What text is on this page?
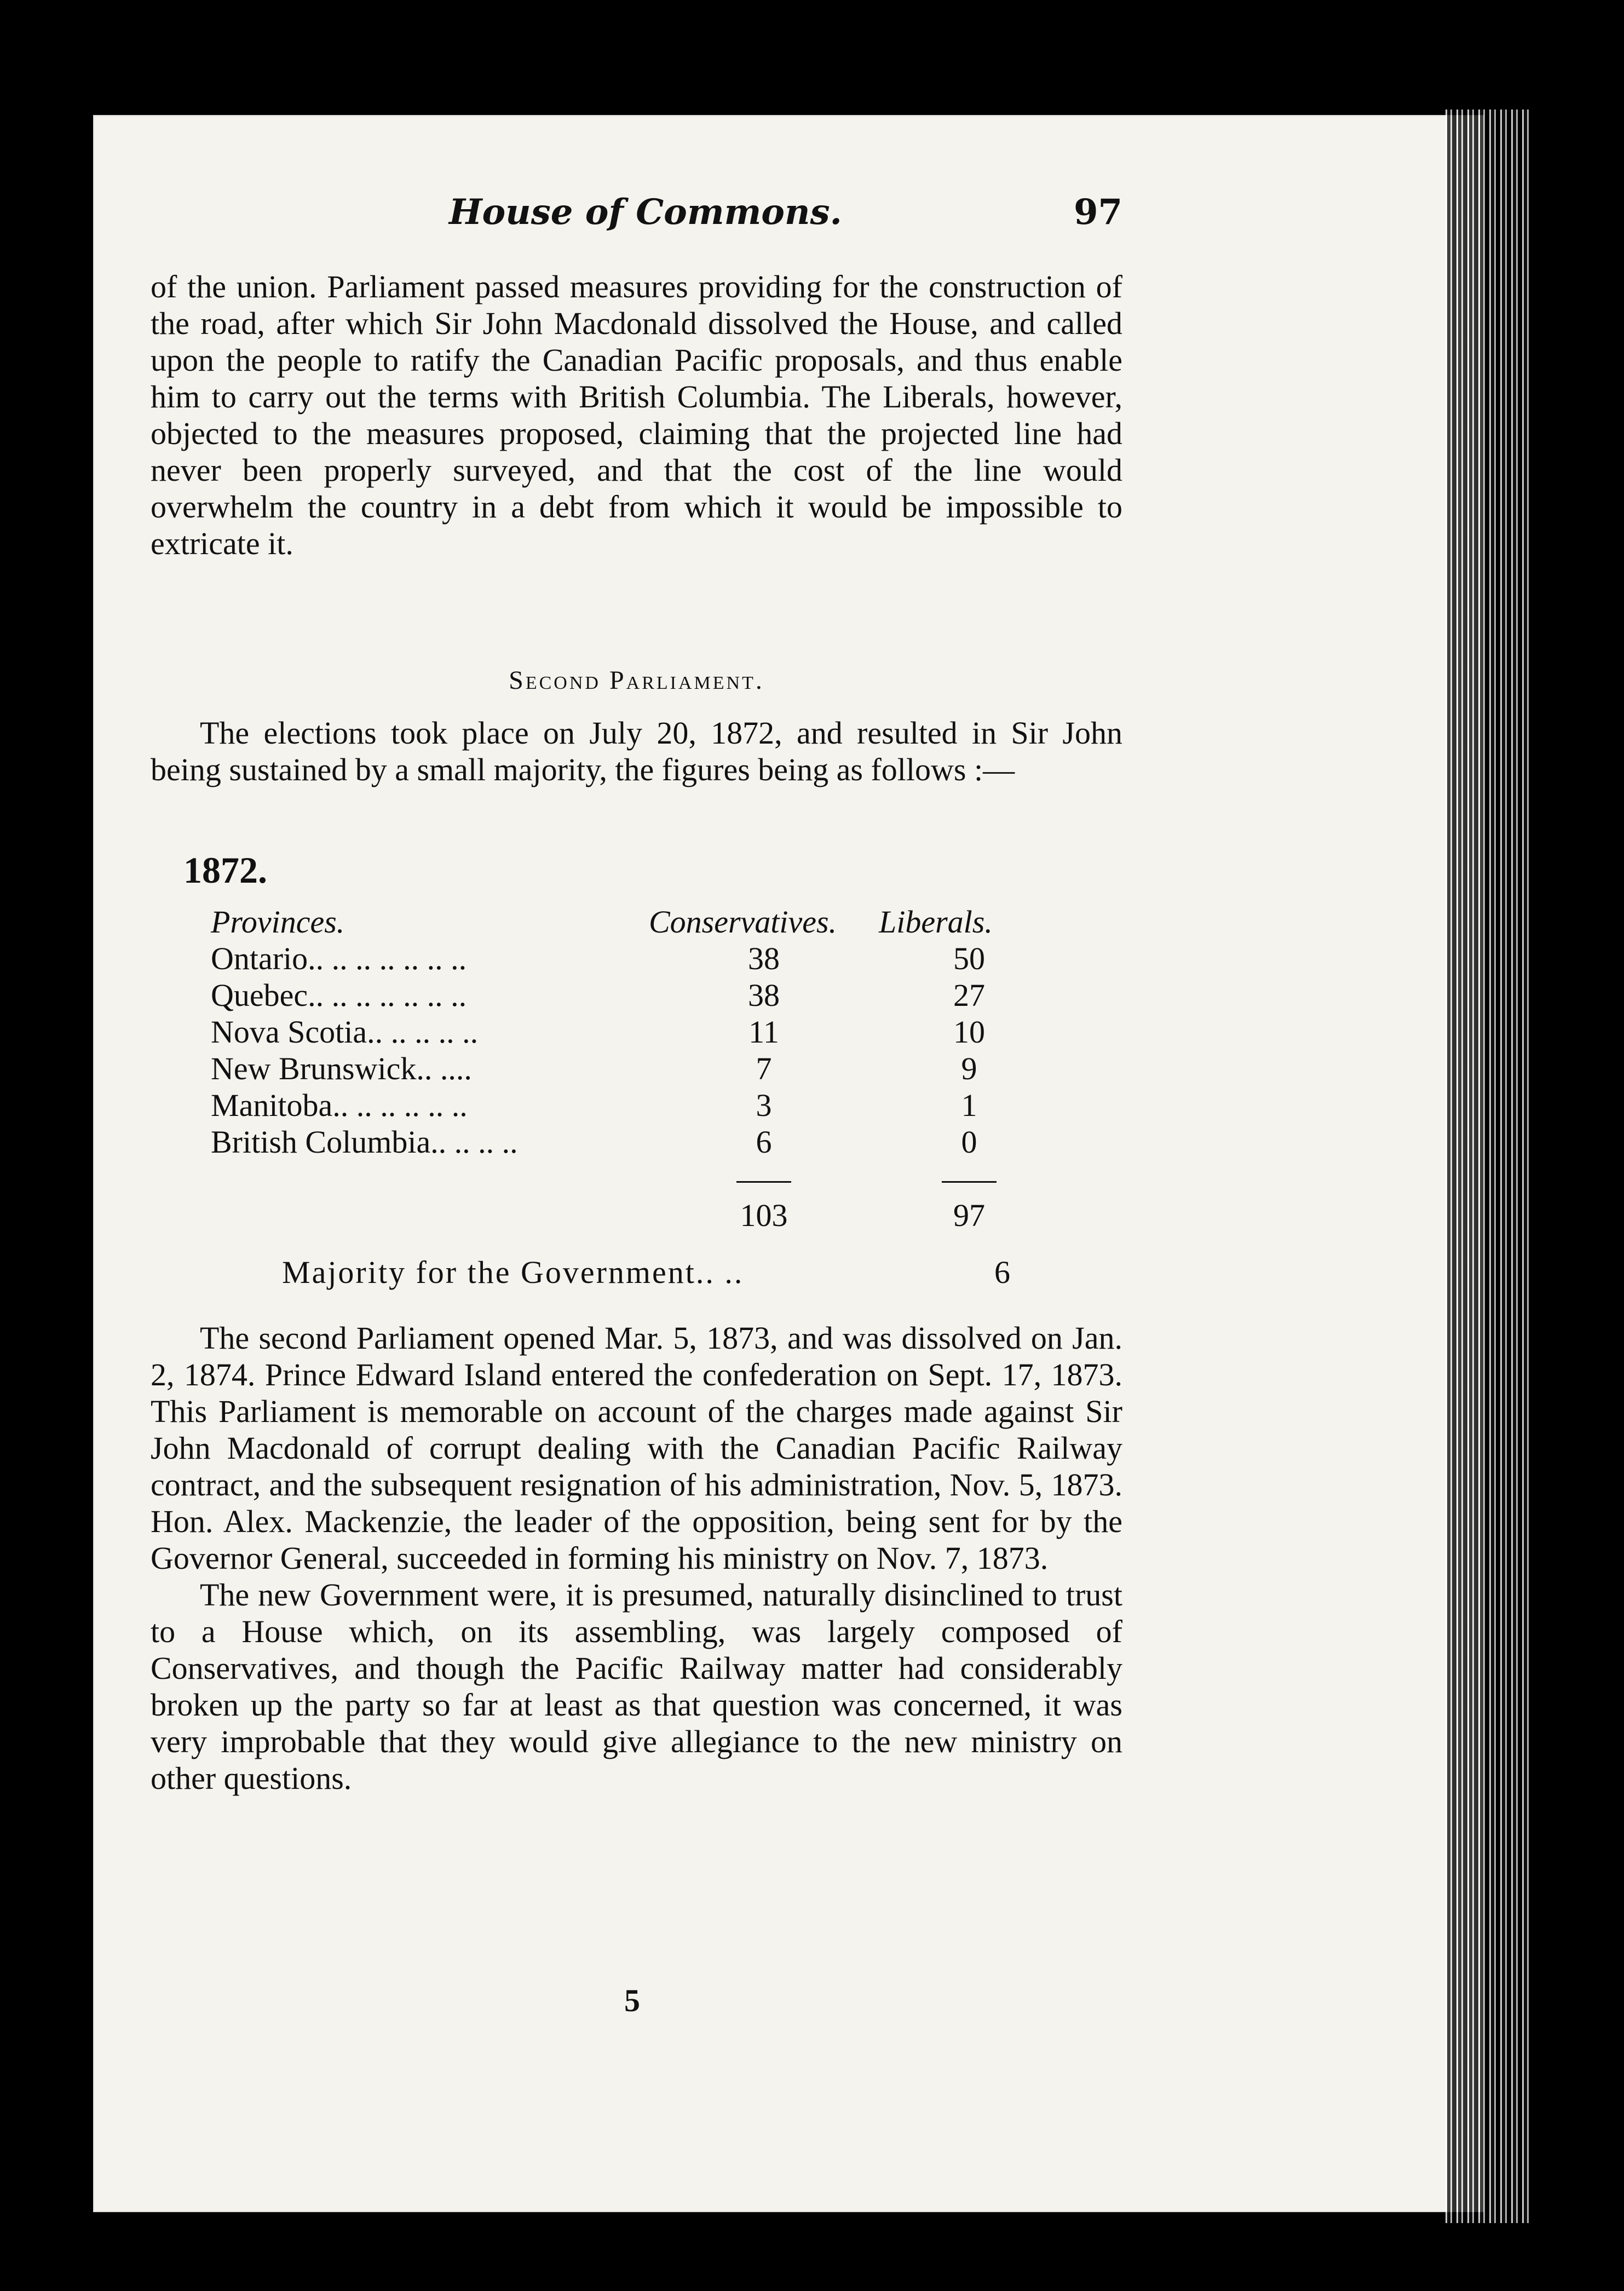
House of Commons.	97

of the union. Parliament passed measures providing for the construction of the road, after which Sir John Macdonald dissolved the House, and called upon the people to ratify the Canadian Pacific proposals, and thus enable him to carry out the terms with British Columbia. The Liberals, however, objected to the measures proposed, claiming that the projected line had never been properly surveyed, and that the cost of the line would overwhelm the country in a debt from which it would be impossible to extricate it.

Second Parliament.

The elections took place on July 20, 1872, and resulted in Sir John being sustained by a small majority, the figures being as follows :—

1872.
Provinces.	Conservatives.	Liberals.
Ontario.. .. .. .. .. .. ..	38	50
Quebec.. .. .. .. .. .. ..	38	27
Nova Scotia.. .. .. .. ..	11	10
New Brunswick.. ....	7	9
Manitoba.. .. .. .. .. ..	3	1
British Columbia.. .. .. ..	6	0

	103	97
Majority for the Government.. ..	6

The second Parliament opened Mar. 5, 1873, and was dissolved on Jan. 2, 1874. Prince Edward Island entered the confederation on Sept. 17, 1873. This Parliament is memorable on account of the charges made against Sir John Macdonald of corrupt dealing with the Canadian Pacific Railway contract, and the subsequent resignation of his administration, Nov. 5, 1873. Hon. Alex. Mackenzie, the leader of the opposition, being sent for by the Governor General, succeeded in forming his ministry on Nov. 7, 1873.

The new Government were, it is presumed, naturally disinclined to trust to a House which, on its assembling, was largely composed of Conservatives, and though the Pacific Railway matter had considerably broken up the party so far at least as that question was concerned, it was very improbable that they would give allegiance to the new ministry on other questions.

5
